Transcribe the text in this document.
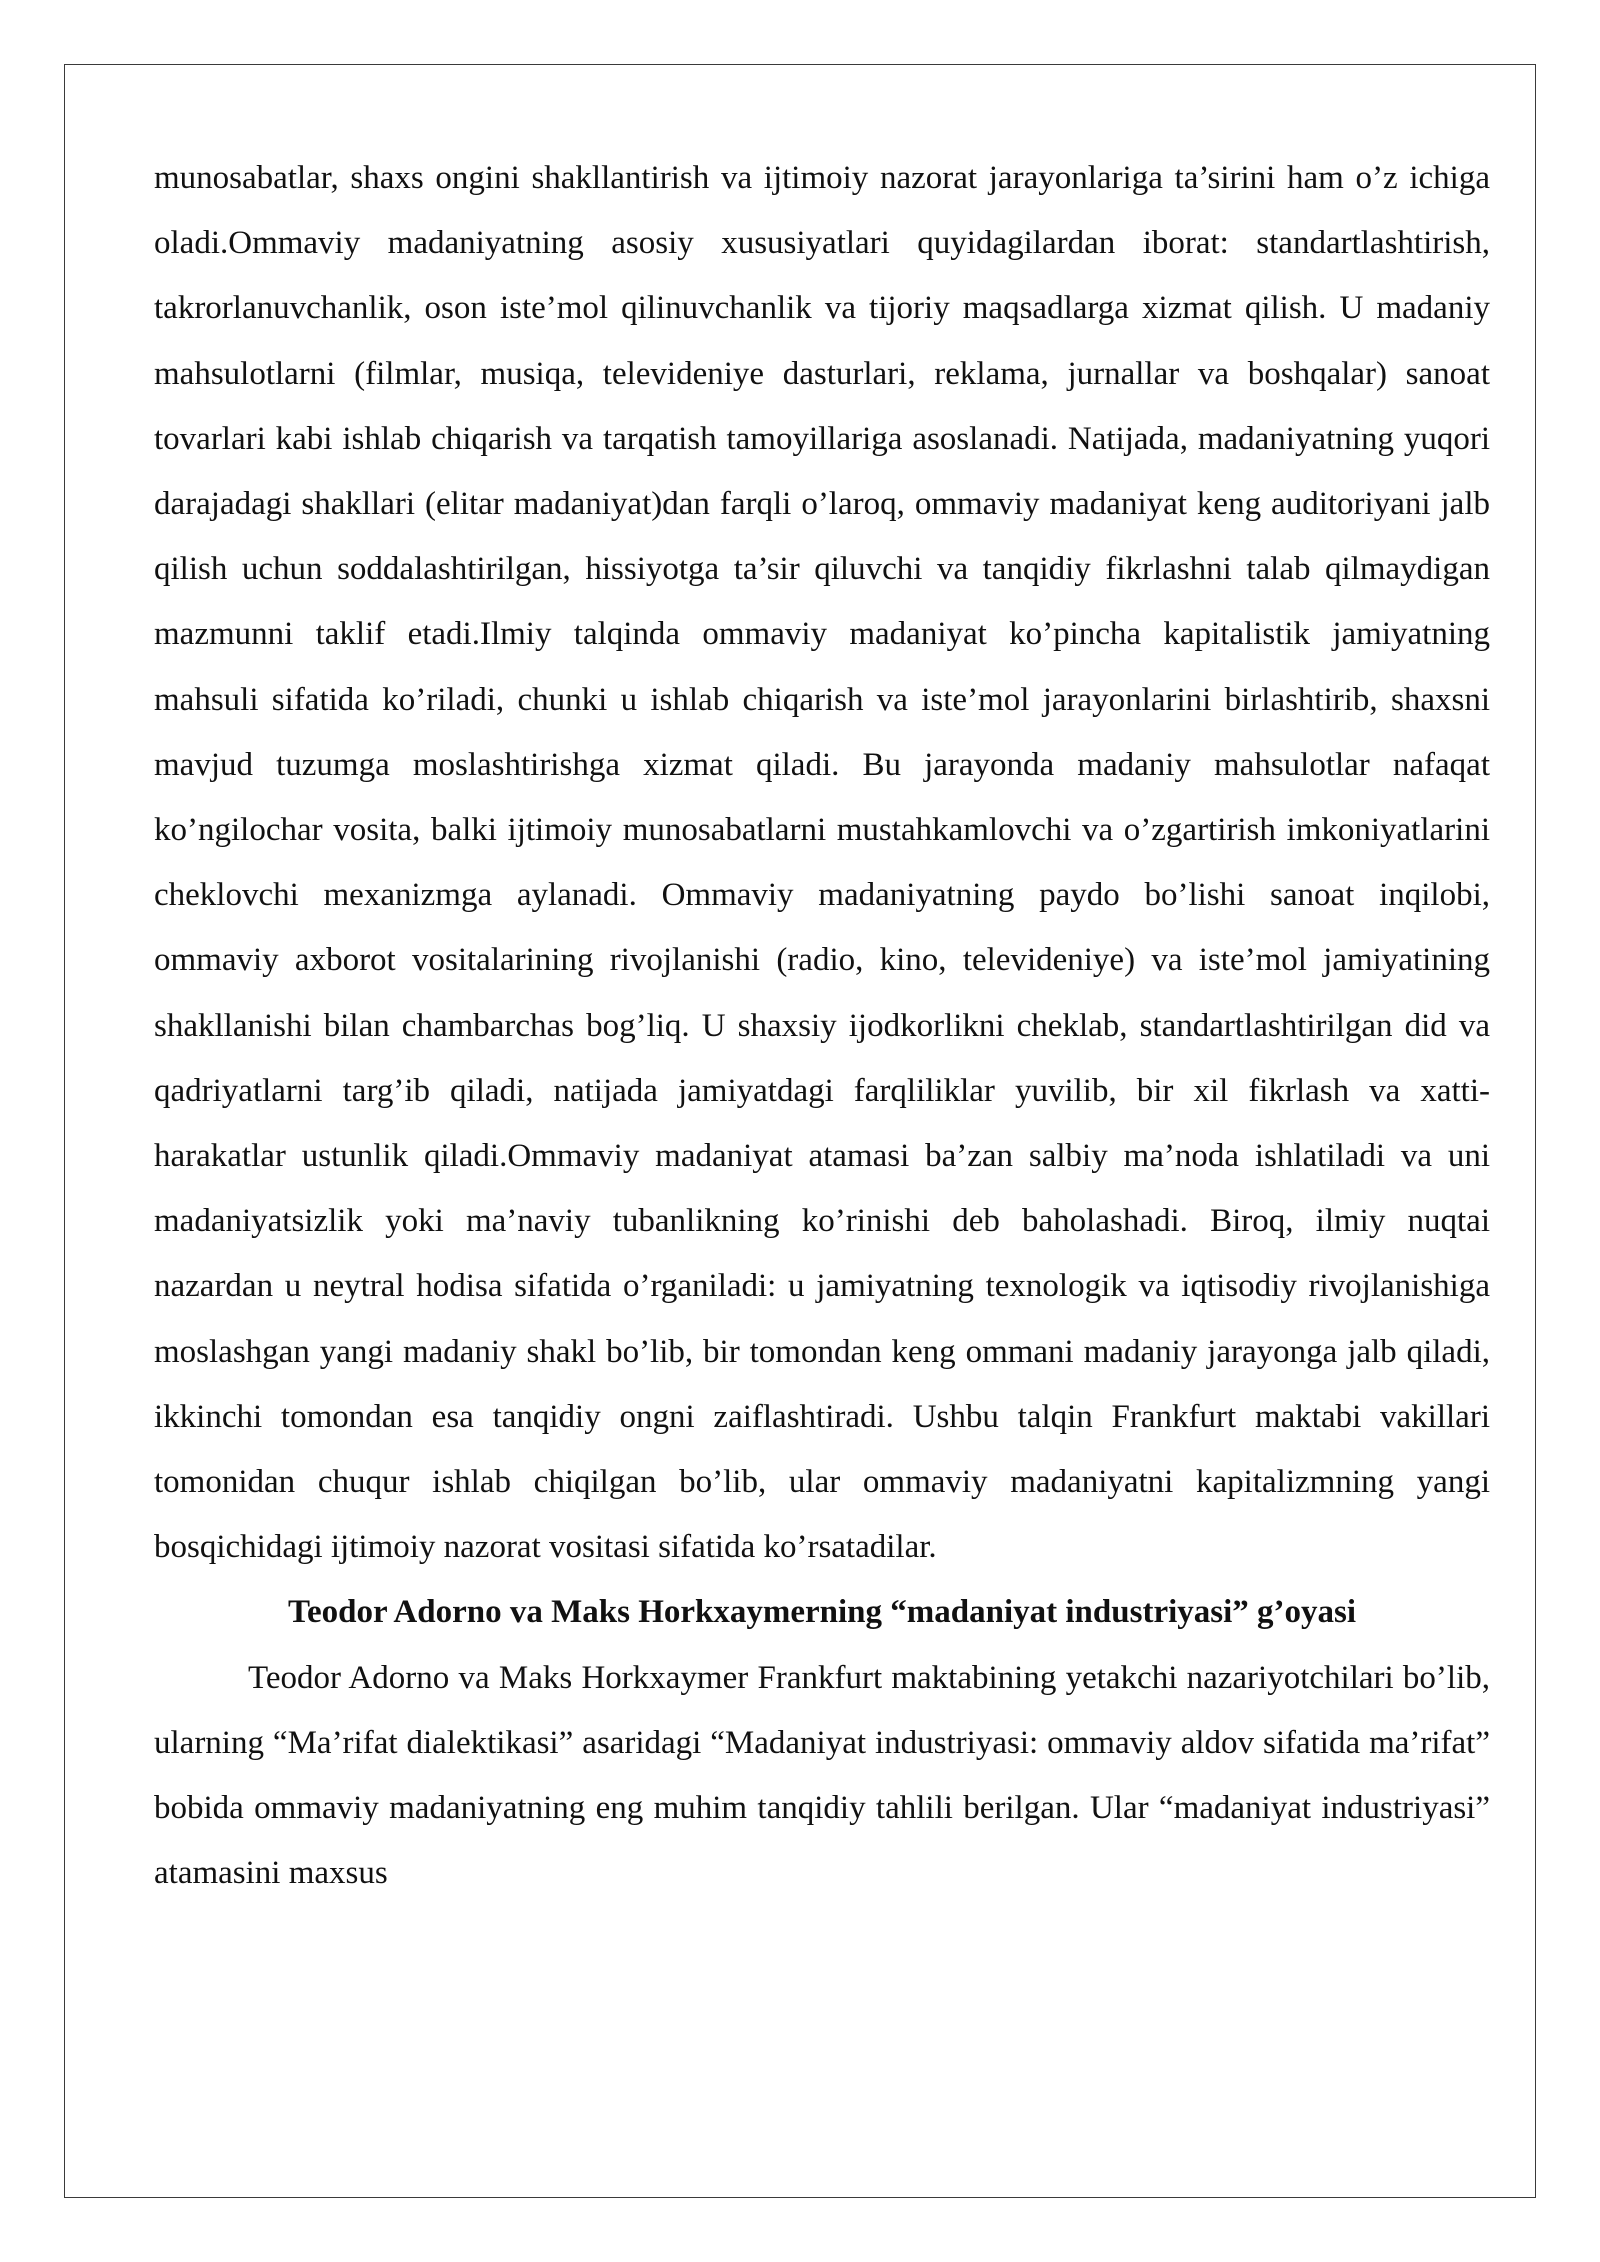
munosabatlar, shaxs ongini shakllantirish va ijtimoiy nazorat jarayonlariga ta’sirini ham o’z ichiga oladi.Ommaviy madaniyatning asosiy xususiyatlari quyidagilardan iborat: standartlashtirish, takrorlanuvchanlik, oson iste’mol qilinuvchanlik va tijoriy maqsadlarga xizmat qilish. U madaniy mahsulotlarni (filmlar, musiqa, televideniye dasturlari, reklama, jurnallar va boshqalar) sanoat tovarlari kabi ishlab chiqarish va tarqatish tamoyillariga asoslanadi. Natijada, madaniyatning yuqori darajadagi shakllari (elitar madaniyat)dan farqli o’laroq, ommaviy madaniyat keng auditoriyani jalb qilish uchun soddalashtirilgan, hissiyotga ta’sir qiluvchi va tanqidiy fikrlashni talab qilmaydigan mazmunni taklif etadi.Ilmiy talqinda ommaviy madaniyat ko’pincha kapitalistik jamiyatning mahsuli sifatida ko’riladi, chunki u ishlab chiqarish va iste’mol jarayonlarini birlashtirib, shaxsni mavjud tuzumga moslashtirishga xizmat qiladi. Bu jarayonda madaniy mahsulotlar nafaqat ko’ngilochar vosita, balki ijtimoiy munosabatlarni mustahkamlovchi va o’zgartirish imkoniyatlarini cheklovchi mexanizmga aylanadi. Ommaviy madaniyatning paydo bo’lishi sanoat inqilobi, ommaviy axborot vositalarining rivojlanishi (radio, kino, televideniye) va iste’mol jamiyatining shakllanishi bilan chambarchas bog’liq. U shaxsiy ijodkorlikni cheklab, standartlashtirilgan did va qadriyatlarni targ’ib qiladi, natijada jamiyatdagi farqliliklar yuvilib, bir xil fikrlash va xatti-harakatlar ustunlik qiladi.Ommaviy madaniyat atamasi ba’zan salbiy ma’noda ishlatiladi va uni madaniyatsizlik yoki ma’naviy tubanlikning ko’rinishi deb baholashadi. Biroq, ilmiy nuqtai nazardan u neytral hodisa sifatida o’rganiladi: u jamiyatning texnologik va iqtisodiy rivojlanishiga moslashgan yangi madaniy shakl bo’lib, bir tomondan keng ommani madaniy jarayonga jalb qiladi, ikkinchi tomondan esa tanqidiy ongni zaiflashtiradi. Ushbu talqin Frankfurt maktabi vakillari tomonidan chuqur ishlab chiqilgan bo’lib, ular ommaviy madaniyatni kapitalizmning yangi bosqichidagi ijtimoiy nazorat vositasi sifatida ko’rsatadilar.

Teodor Adorno va Maks Horkxaymerning “madaniyat industriyasi” g’oyasi

Teodor Adorno va Maks Horkxaymer Frankfurt maktabining yetakchi nazariyotchilari bo’lib, ularning “Ma’rifat dialektikasi” asaridagi “Madaniyat industriyasi: ommaviy aldov sifatida ma’rifat” bobida ommaviy madaniyatning eng muhim tanqidiy tahlili berilgan. Ular “madaniyat industriyasi” atamasini maxsus
